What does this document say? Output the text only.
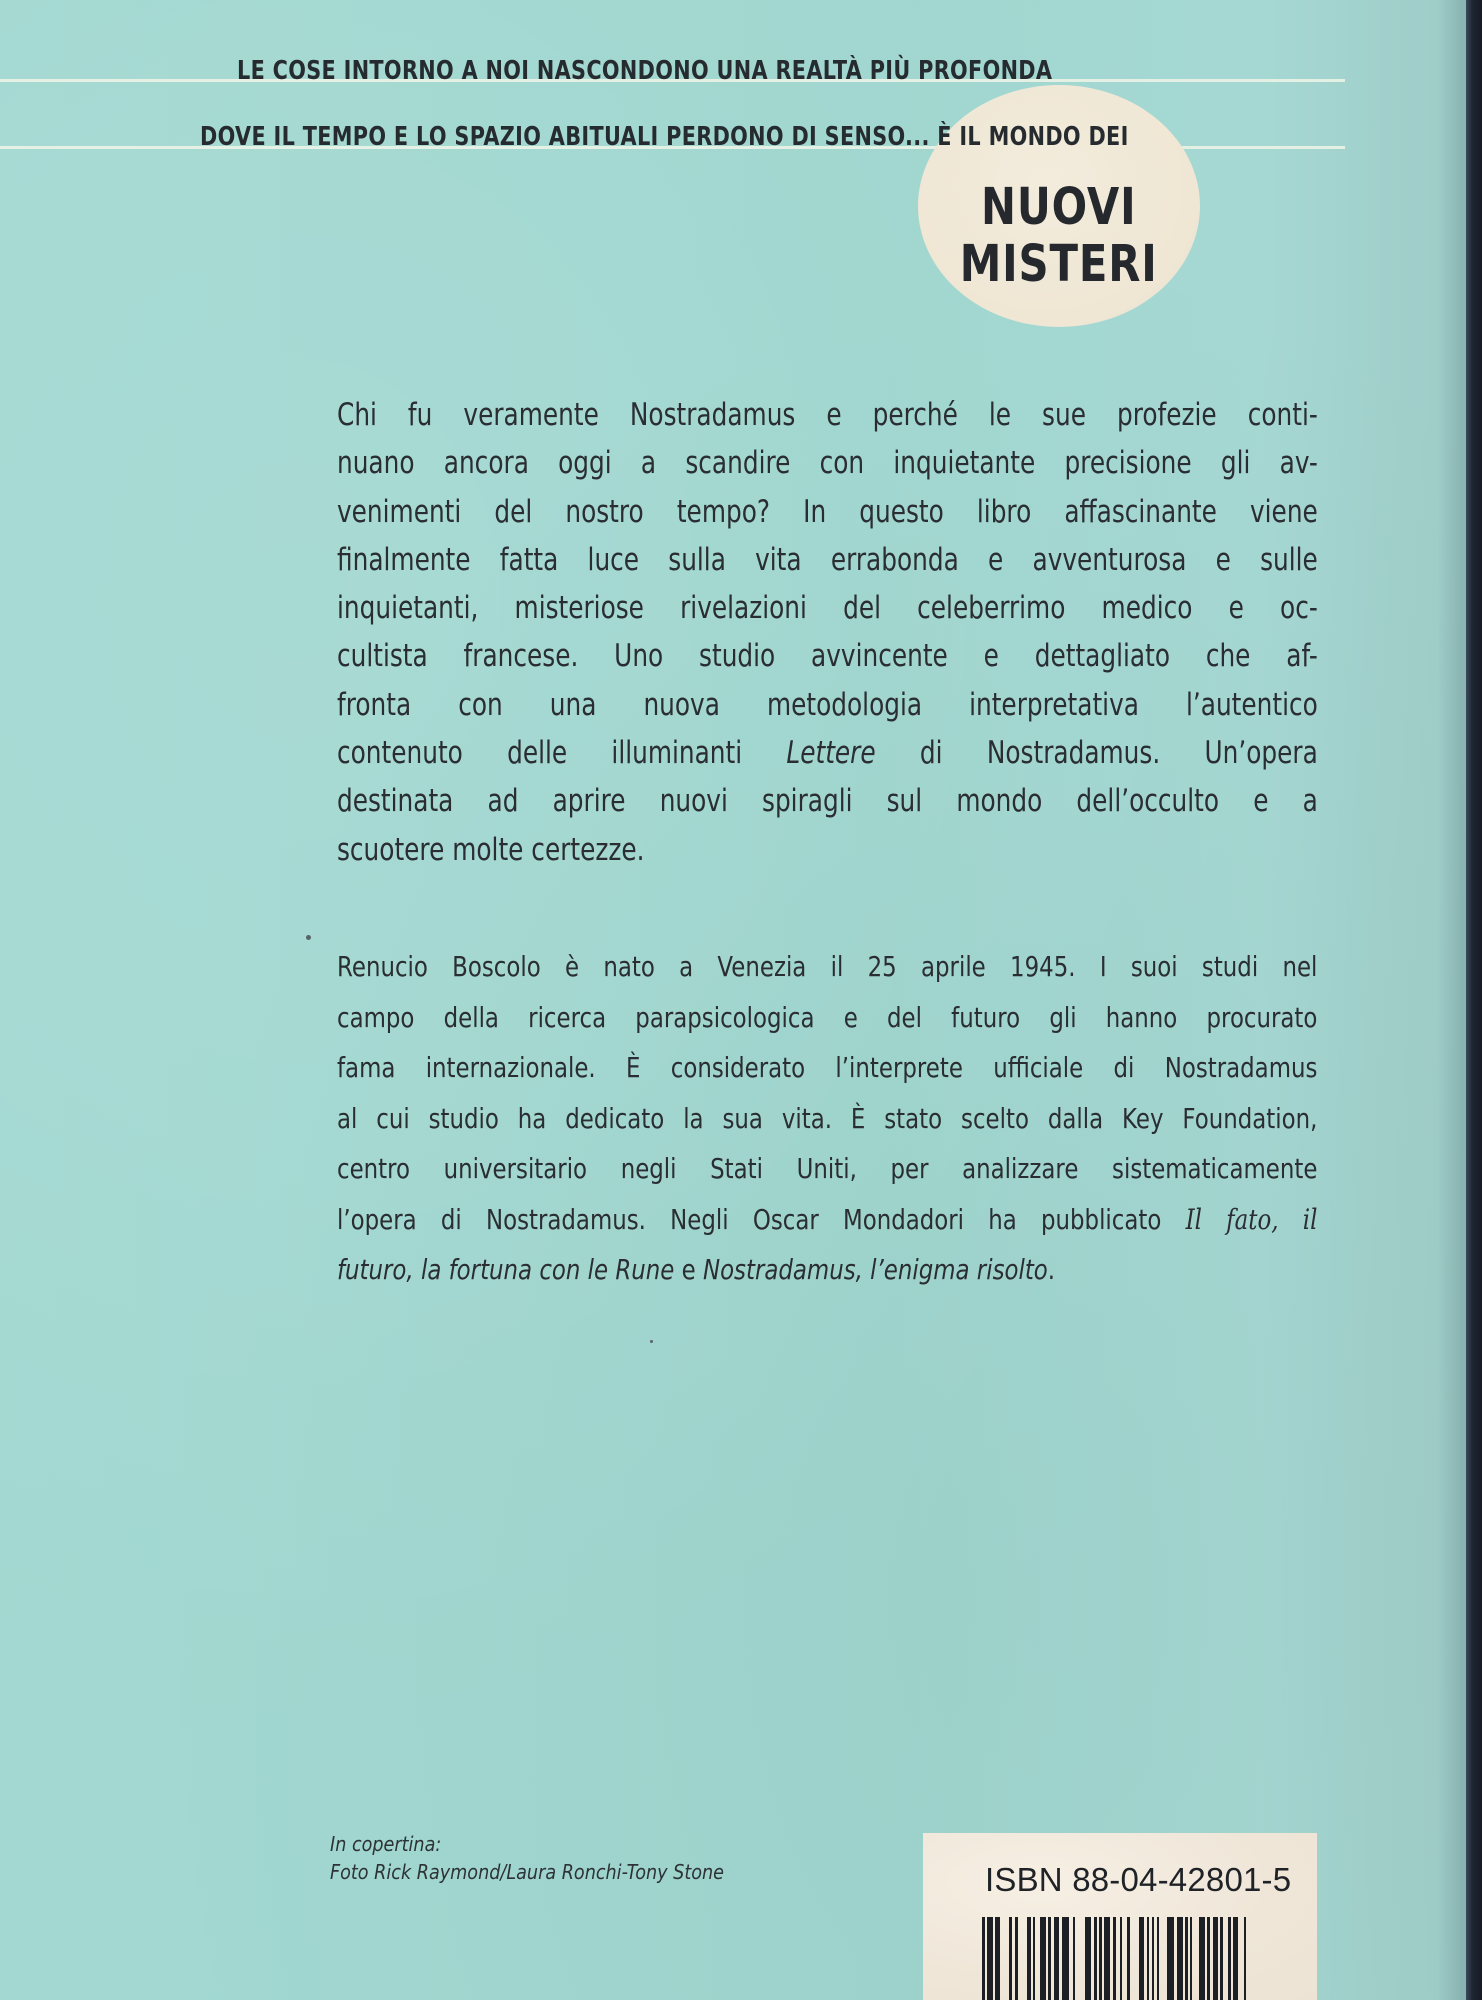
LE COSE INTORNO A NOI NASCONDONO UNA REALTÀ PIÙ PROFONDA
DOVE IL TEMPO E LO SPAZIO ABITUALI PERDONO DI SENSO... È IL MONDO DEI
NUOVI
MISTERI
Chi fu veramente Nostradamus e perché le sue profezie conti-
nuano ancora oggi a scandire con inquietante precisione gli av-
venimenti del nostro tempo? In questo libro affascinante viene
finalmente fatta luce sulla vita errabonda e avventurosa e sulle
inquietanti, misteriose rivelazioni del celeberrimo medico e oc-
cultista francese. Uno studio avvincente e dettagliato che af-
fronta con una nuova metodologia interpretativa l’autentico
contenuto delle illuminanti Lettere di Nostradamus. Un’opera
destinata ad aprire nuovi spiragli sul mondo dell’occulto e a
scuotere molte certezze.
Renucio Boscolo è nato a Venezia il 25 aprile 1945. I suoi studi nel
campo della ricerca parapsicologica e del futuro gli hanno procurato
fama internazionale. È considerato l’interprete ufficiale di Nostradamus
al cui studio ha dedicato la sua vita. È stato scelto dalla Key Foundation,
centro universitario negli Stati Uniti, per analizzare sistematicamente
l’opera di Nostradamus. Negli Oscar Mondadori ha pubblicato Il fato, il
futuro, la fortuna con le Rune e Nostradamus, l’enigma risolto.
In copertina:
Foto Rick Raymond/Laura Ronchi-Tony Stone	ISBN 88-04-42801-5
